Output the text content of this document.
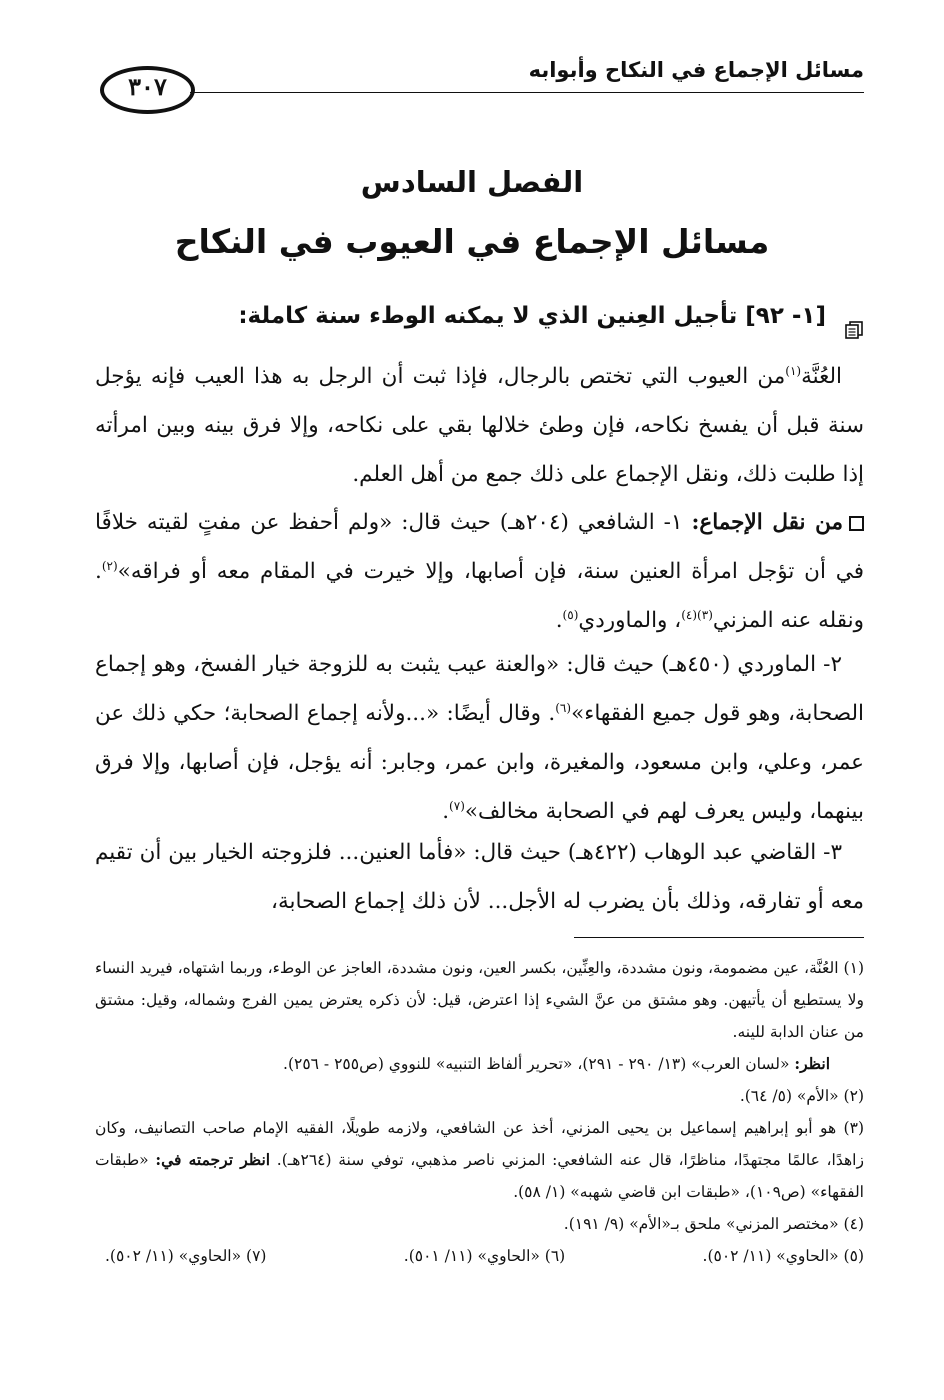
مسائل الإجماع في النكاح وأبوابه
٣٠٧
الفصل السادس
مسائل الإجماع في العيوب في النكاح
[١- ٩٢] تأجيل العِنين الذي لا يمكنه الوطء سنة كاملة:
العُنَّة$^{(١)}$من العيوب التي تختص بالرجال، فإذا ثبت أن الرجل به هذا العيب فإنه يؤجل سنة قبل أن يفسخ نكاحه، فإن وطئ خلالها بقي على نكاحه، وإلا فرق بينه وبين امرأته إذا طلبت ذلك، ونقل الإجماع على ذلك جمع من أهل العلم.
من نقل الإجماع: ١- الشافعي (٢٠٤هـ) حيث قال: «ولم أحفظ عن مفتٍ لقيته خلافًا في أن تؤجل امرأة العنين سنة، فإن أصابها، وإلا خيرت في المقام معه أو فراقه»$^{(٢)}$. ونقله عنه المزني$^{(٣)(٤)}$، والماوردي$^{(٥)}$.
٢- الماوردي (٤٥٠هـ) حيث قال: «والعنة عيب يثبت به للزوجة خيار الفسخ، وهو إجماع الصحابة، وهو قول جميع الفقهاء»$^{(٦)}$. وقال أيضًا: «...ولأنه إجماع الصحابة؛ حكي ذلك عن عمر، وعلي، وابن مسعود، والمغيرة، وابن عمر، وجابر: أنه يؤجل، فإن أصابها، وإلا فرق بينهما، وليس يعرف لهم في الصحابة مخالف»$^{(٧)}$.
٣- القاضي عبد الوهاب (٤٢٢هـ) حيث قال: «فأما العنين... فلزوجته الخيار بين أن تقيم معه أو تفارقه، وذلك بأن يضرب له الأجل... لأن ذلك إجماع الصحابة،

(١) العُنَّة، عين مضمومة، ونون مشددة، والعِنِّين، بكسر العين، ونون مشددة، العاجز عن الوطء، وربما اشتهاه، فيريد النساء ولا يستطيع أن يأتيهن. وهو مشتق من عنَّ الشيء إذا اعترض، قيل: لأن ذكره يعترض يمين الفرج وشماله، وقيل: مشتق من عنان الدابة للينه.

انظر: «لسان العرب» (١٣/ ٢٩٠ - ٢٩١)، «تحرير ألفاظ التنبيه» للنووي (ص٢٥٥ - ٢٥٦).

(٢) «الأم» (٥/ ٦٤).

(٣) هو أبو إبراهيم إسماعيل بن يحيى المزني، أخذ عن الشافعي، ولازمه طويلًا، الفقيه الإمام صاحب التصانيف، وكان زاهدًا، عالمًا مجتهدًا، مناظرًا، قال عنه الشافعي: المزني ناصر مذهبي، توفي سنة (٢٦٤هـ). انظر ترجمته في: «طبقات الفقهاء» (ص١٠٩)، «طبقات ابن قاضي شهبه» (١/ ٥٨).

(٤) «مختصر المزني» ملحق بـ«الأم» (٩/ ١٩١).

(٥) «الحاوي» (١١/ ٥٠٢).
(٦) «الحاوي» (١١/ ٥٠١).
(٧) «الحاوي» (١١/ ٥٠٢).
